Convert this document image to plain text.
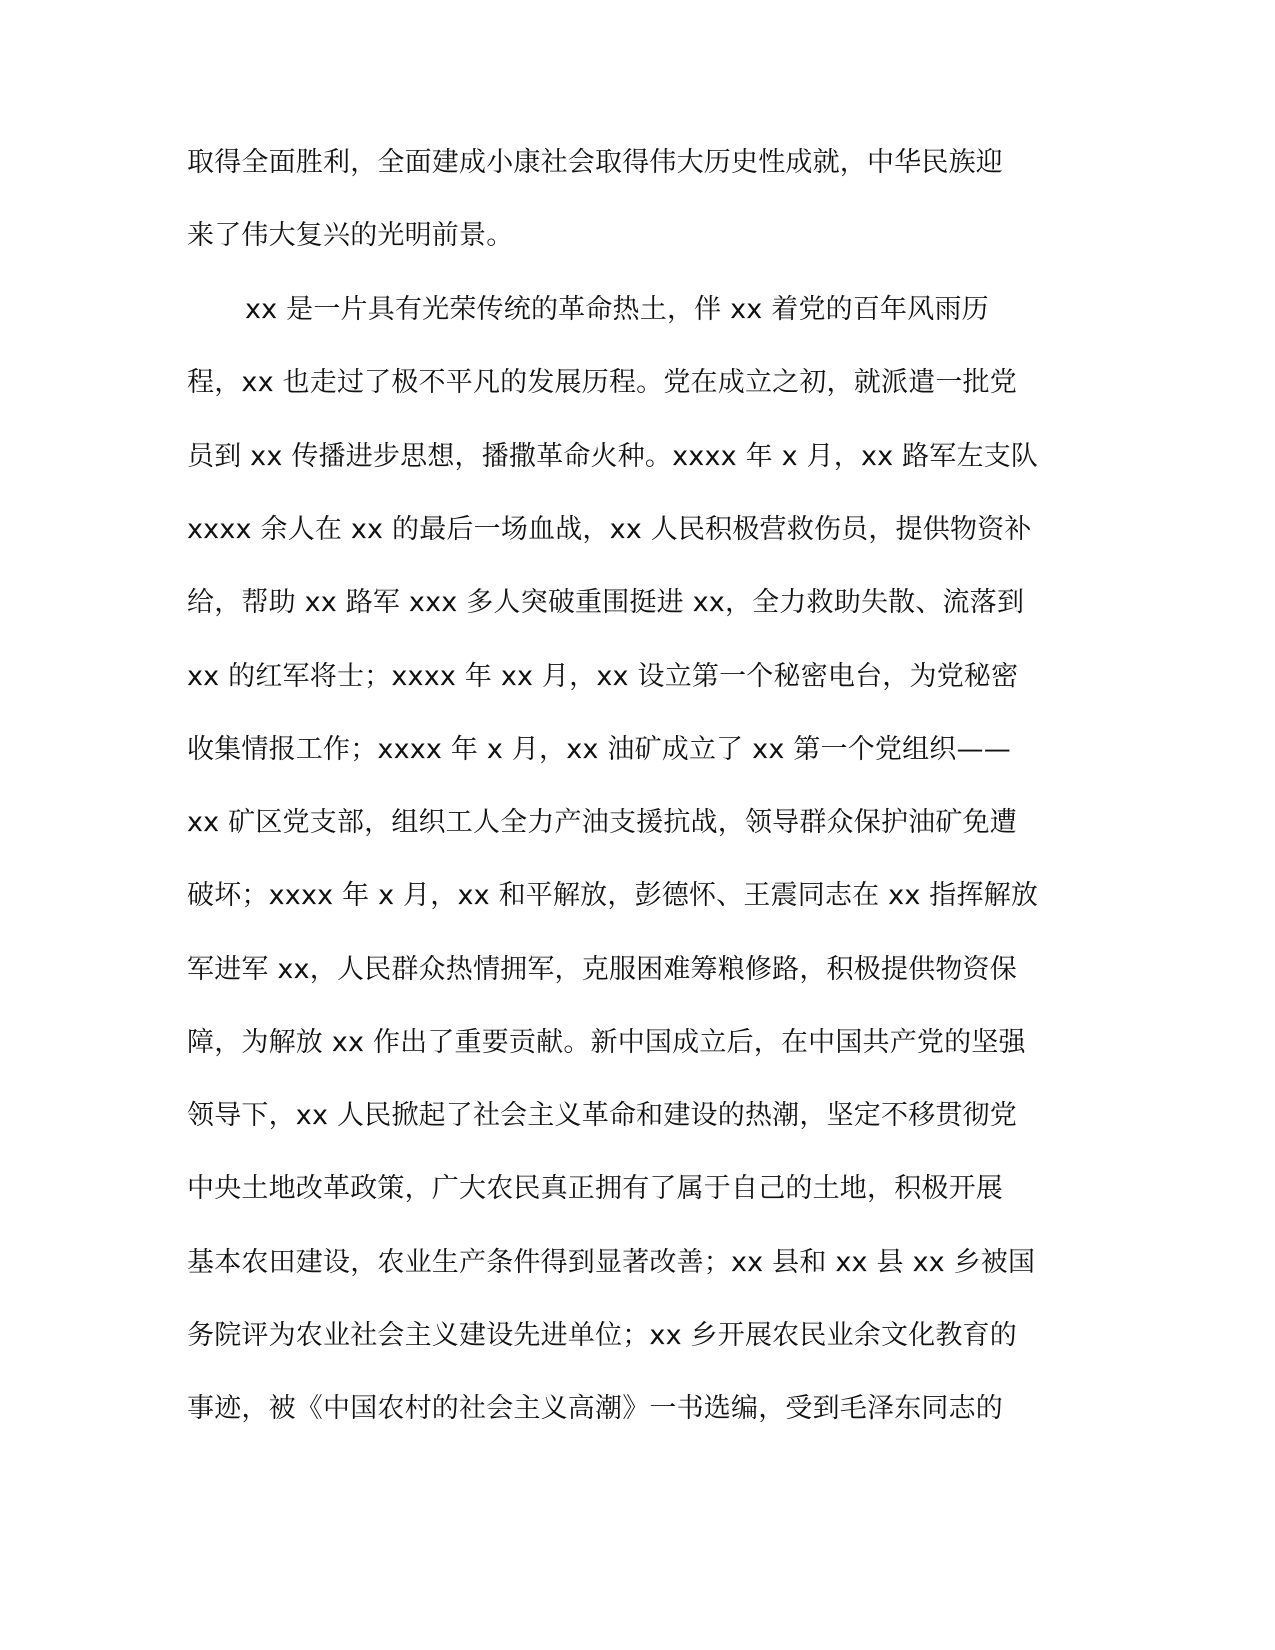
取得全面胜利，全面建成小康社会取得伟大历史性成就，中华民族迎
来了伟大复兴的光明前景。
xx 是一片具有光荣传统的革命热土，伴 xx 着党的百年风雨历
程，xx 也走过了极不平凡的发展历程。党在成立之初，就派遣一批党
员到 xx 传播进步思想，播撒革命火种。xxxx 年 x 月，xx 路军左支队
xxxx 余人在 xx 的最后一场血战，xx 人民积极营救伤员，提供物资补
给，帮助 xx 路军 xxx 多人突破重围挺进 xx，全力救助失散、流落到
xx 的红军将士；xxxx 年 xx 月，xx 设立第一个秘密电台，为党秘密
收集情报工作；xxxx 年 x 月，xx 油矿成立了 xx 第一个党组织——
xx 矿区党支部，组织工人全力产油支援抗战，领导群众保护油矿免遭
破坏；xxxx 年 x 月，xx 和平解放，彭德怀、王震同志在 xx 指挥解放
军进军 xx，人民群众热情拥军，克服困难筹粮修路，积极提供物资保
障，为解放 xx 作出了重要贡献。新中国成立后，在中国共产党的坚强
领导下，xx 人民掀起了社会主义革命和建设的热潮，坚定不移贯彻党
中央土地改革政策，广大农民真正拥有了属于自己的土地，积极开展
基本农田建设，农业生产条件得到显著改善；xx 县和 xx 县 xx 乡被国
务院评为农业社会主义建设先进单位；xx 乡开展农民业余文化教育的
事迹，被《中国农村的社会主义高潮》一书选编，受到毛泽东同志的
